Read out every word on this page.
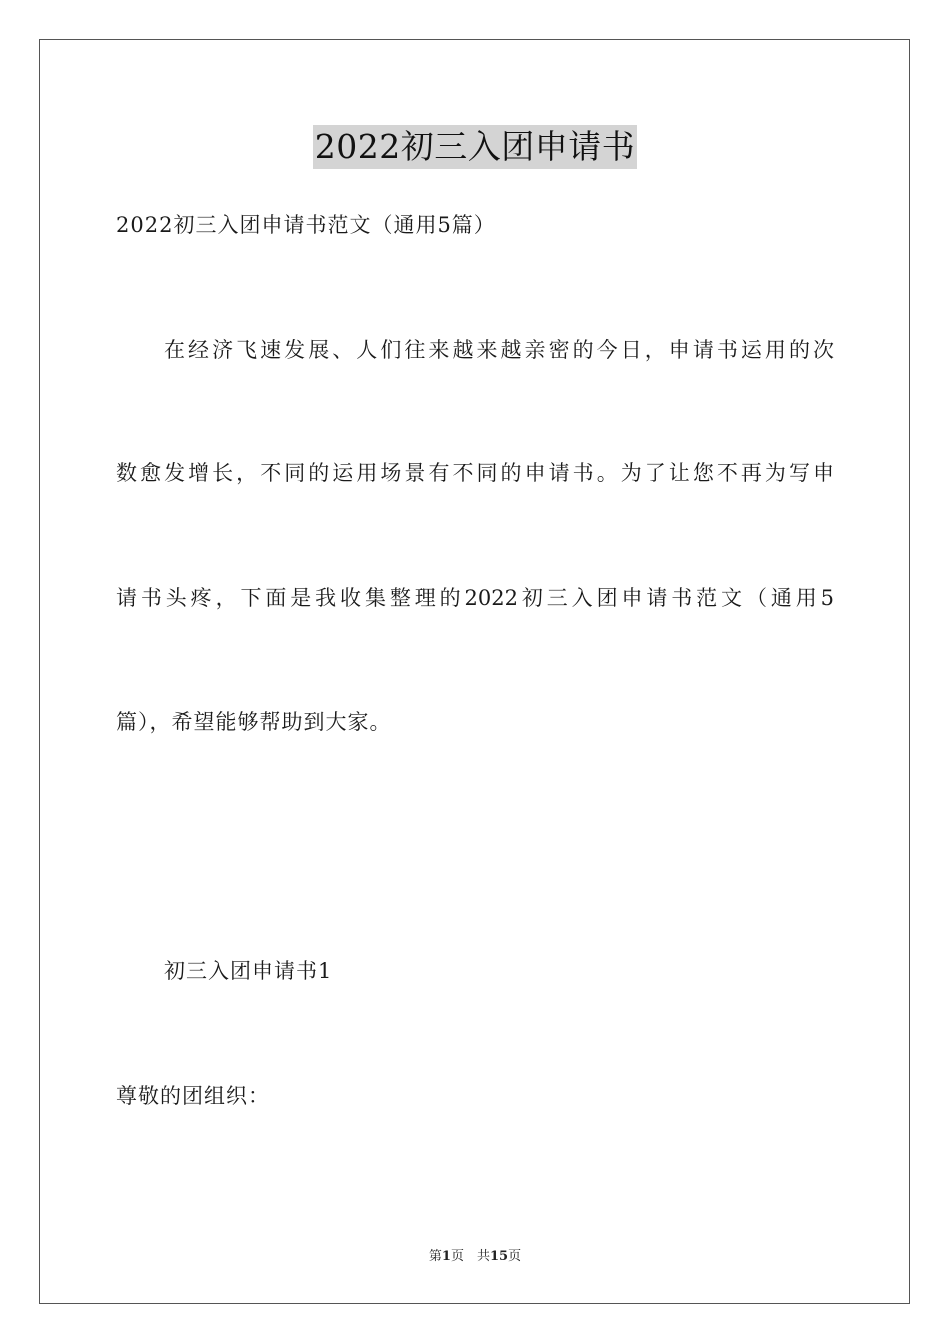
2022初三入团申请书
2022初三入团申请书范文（通用5篇）
在经济飞速发展、人们往来越来越亲密的今日，申请书运用的次
数愈发增长，不同的运用场景有不同的申请书。为了让您不再为写申
请书头疼，下面是我收集整理的2022初三入团申请书范文（通用5
篇），希望能够帮助到大家。
初三入团申请书1
尊敬的团组织：
第1页　共15页
